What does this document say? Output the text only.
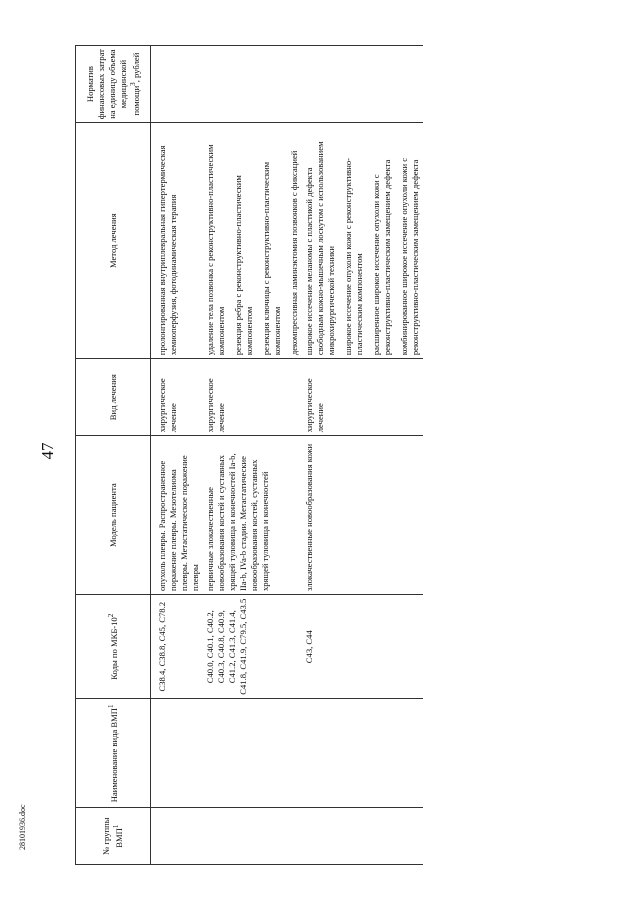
47
№ группы ВМП$^1$	Наименование вида ВМП$^1$	Коды по МКБ-$10^2$	Модель пациента	Вид лечения	Метод лечения	Норматив финансовых затрат на единицу объема медицинской помощи$^3$, рублей

		C38.4, C38.8, C45, C78.2	опухоль плевры. Распространенное поражение плевры. Мезотелиома плевры. Метастатическое поражение плевры	хирургическое лечение	пролонгированная внутриплевральная гипертермическая хемиоперфузия, фотодинамическая терапия	

		C40.0, C40.1, C40.2, C40.3, C40.8, C40.9, C41.2, C41.3, C41.4, C41.8, C41.9, C79.5, C43.5	первичные злокачественные новообразования костей и суставных хрящей туловища и конечностей Ia-b, IIa-b, IVa-b стадии. Метастатические новообразования костей, суставных хрящей туловища и конечностей	хирургическое лечение	удаление тела позвонка с реконструктивно-пластическим компонентом резекция ребра с реконструктивно-пластическим компонентом резекция ключицы с реконструктивно-пластическим компонентом декомпрессивная ламинэктомия позвонков с фиксацией	

		C43, C44	злокачественные новообразования кожи	хирургическое лечение	широкое иссечение меланомы с пластикой дефекта свободным кожно-мышечным лоскутом с использованием микрохирургической техники широкое иссечение опухоли кожи с реконструктивно-пластическим компонентом расширенное широкое иссечение опухоли кожи с реконструктивно-пластическим замещением дефекта комбинированное широкое иссечение опухоли кожи с реконструктивно-пластическим замещением дефекта	

28101936.doc
